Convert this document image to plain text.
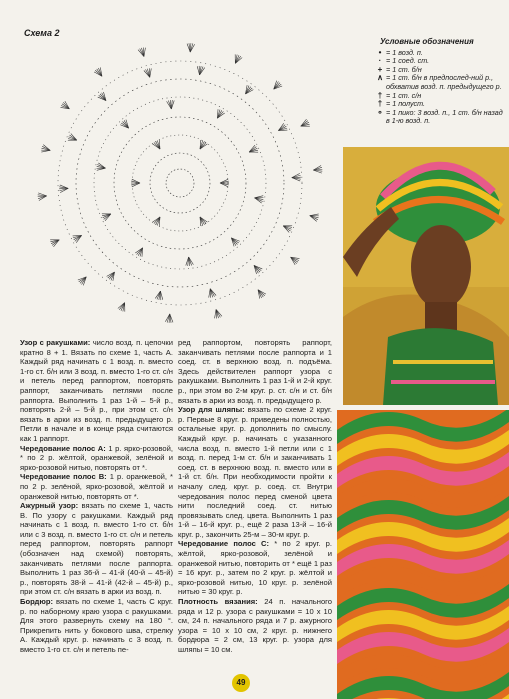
Схема 2
Условные обозначения
• = 1 возд. п.
· = 1 соед. ст.
+ = 1 ст. б/н
∧ = 1 ст. б/н в предпослед-ний р., обхватив возд. п. предыдущего р.
† = 1 ст. с/н
† = 1 полуст.
⚬ = 1 пико: 3 возд. п., 1 ст. б/н назад в 1-ю возд. п.

Узор с ракушками: число возд. п. цепочки кратно 8 + 1. Вязать по схеме 1, часть А. Каждый ряд начинать с 1 возд. п. вместо 1-го ст. б/н или 3 возд. п. вместо 1-го ст. с/н и петель перед раппортом, повторять раппорт, заканчивать петлями после раппорта. Выполнить 1 раз 1-й – 5-й р., повторять 2-й – 5-й р., при этом ст. с/н вязать в арки из возд. п. предыдущего р. Петли в начале и в конце ряда считаются как 1 раппорт.

Чередование полос А: 1 р. ярко-розовой, * по 2 р. жёлтой, оранжевой, зелёной и ярко-розовой нитью, повторять от *.

Чередование полос В: 1 р. оранжевой, * по 2 р. зелёной, ярко-розовой, жёлтой и оранжевой нитью, повторять от *.

Ажурный узор: вязать по схеме 1, часть В. По узору с ракушками. Каждый ряд начинать с 1 возд. п. вместо 1-го ст. б/н или с 3 возд. п. вместо 1-го ст. с/н и петель перед раппортом, повторять раппорт (обозначен над схемой) повторять, заканчивать петлями после раппорта. Выполнить 1 раз 36-й – 41-й (40-й – 45-й) р., повторять 38-й – 41-й (42-й – 45-й) р., при этом ст. с/н вязать в арки из возд. п.

Бордюр: вязать по схеме 1, часть С круг. р. по наборному краю узора с ракушками. Для этого развернуть схему на 180 °. Прикрепить нить у бокового шва, стрелку А. Каждый круг. р. начинать с 3 возд. п. вместо 1-го ст. с/н и петель пе-

ред раппортом, повторять раппорт, заканчивать петлями после раппорта и 1 соед. ст. в верхнюю возд. п. подъёма. Здесь действителен раппорт узора с ракушками. Выполнить 1 раз 1-й и 2-й круг. р., при этом во 2-м круг. р. ст. с/н и ст. б/н вязать в арки из возд. п. предыдущего р.

Узор для шляпы: вязать по схеме 2 круг. р. Первые 8 круг. р. приведены полностью, остальные круг. р. дополнить по смыслу. Каждый круг. р. начинать с указанного числа возд. п. вместо 1-й петли или с 1 возд. п. перед 1-м ст. б/н и заканчивать 1 соед. ст. в верхнюю возд. п. вместо или в 1-й ст. б/н. При необходимости пройти к началу след. круг. р. соед. ст. Внутри чередования полос перед сменой цвета нити последний соед. ст. нитью провязывать след. цвета. Выполнить 1 раз 1-й – 16-й круг. р., ещё 2 раза 13-й – 16-й круг. р., закончить 25-м – 30-м круг. р.

Чередование полос С: * по 2 круг. р. жёлтой, ярко-розовой, зелёной и оранжевой нитью, повторить от * ещё 1 раз = 16 круг. р., затем по 2 круг. р. жёлтой и ярко-розовой нитью, 10 круг. р. зелёной нитью = 30 круг. р.

Плотность вязания: 24 п. начального ряда и 12 р. узора с ракушками = 10 x 10 см, 24 п. начального ряда и 7 р. ажурного узора = 10 x 10 см, 2 круг. р. нижнего бордюра = 2 см, 13 круг. р. узора для шляпы = 10 см.

49
